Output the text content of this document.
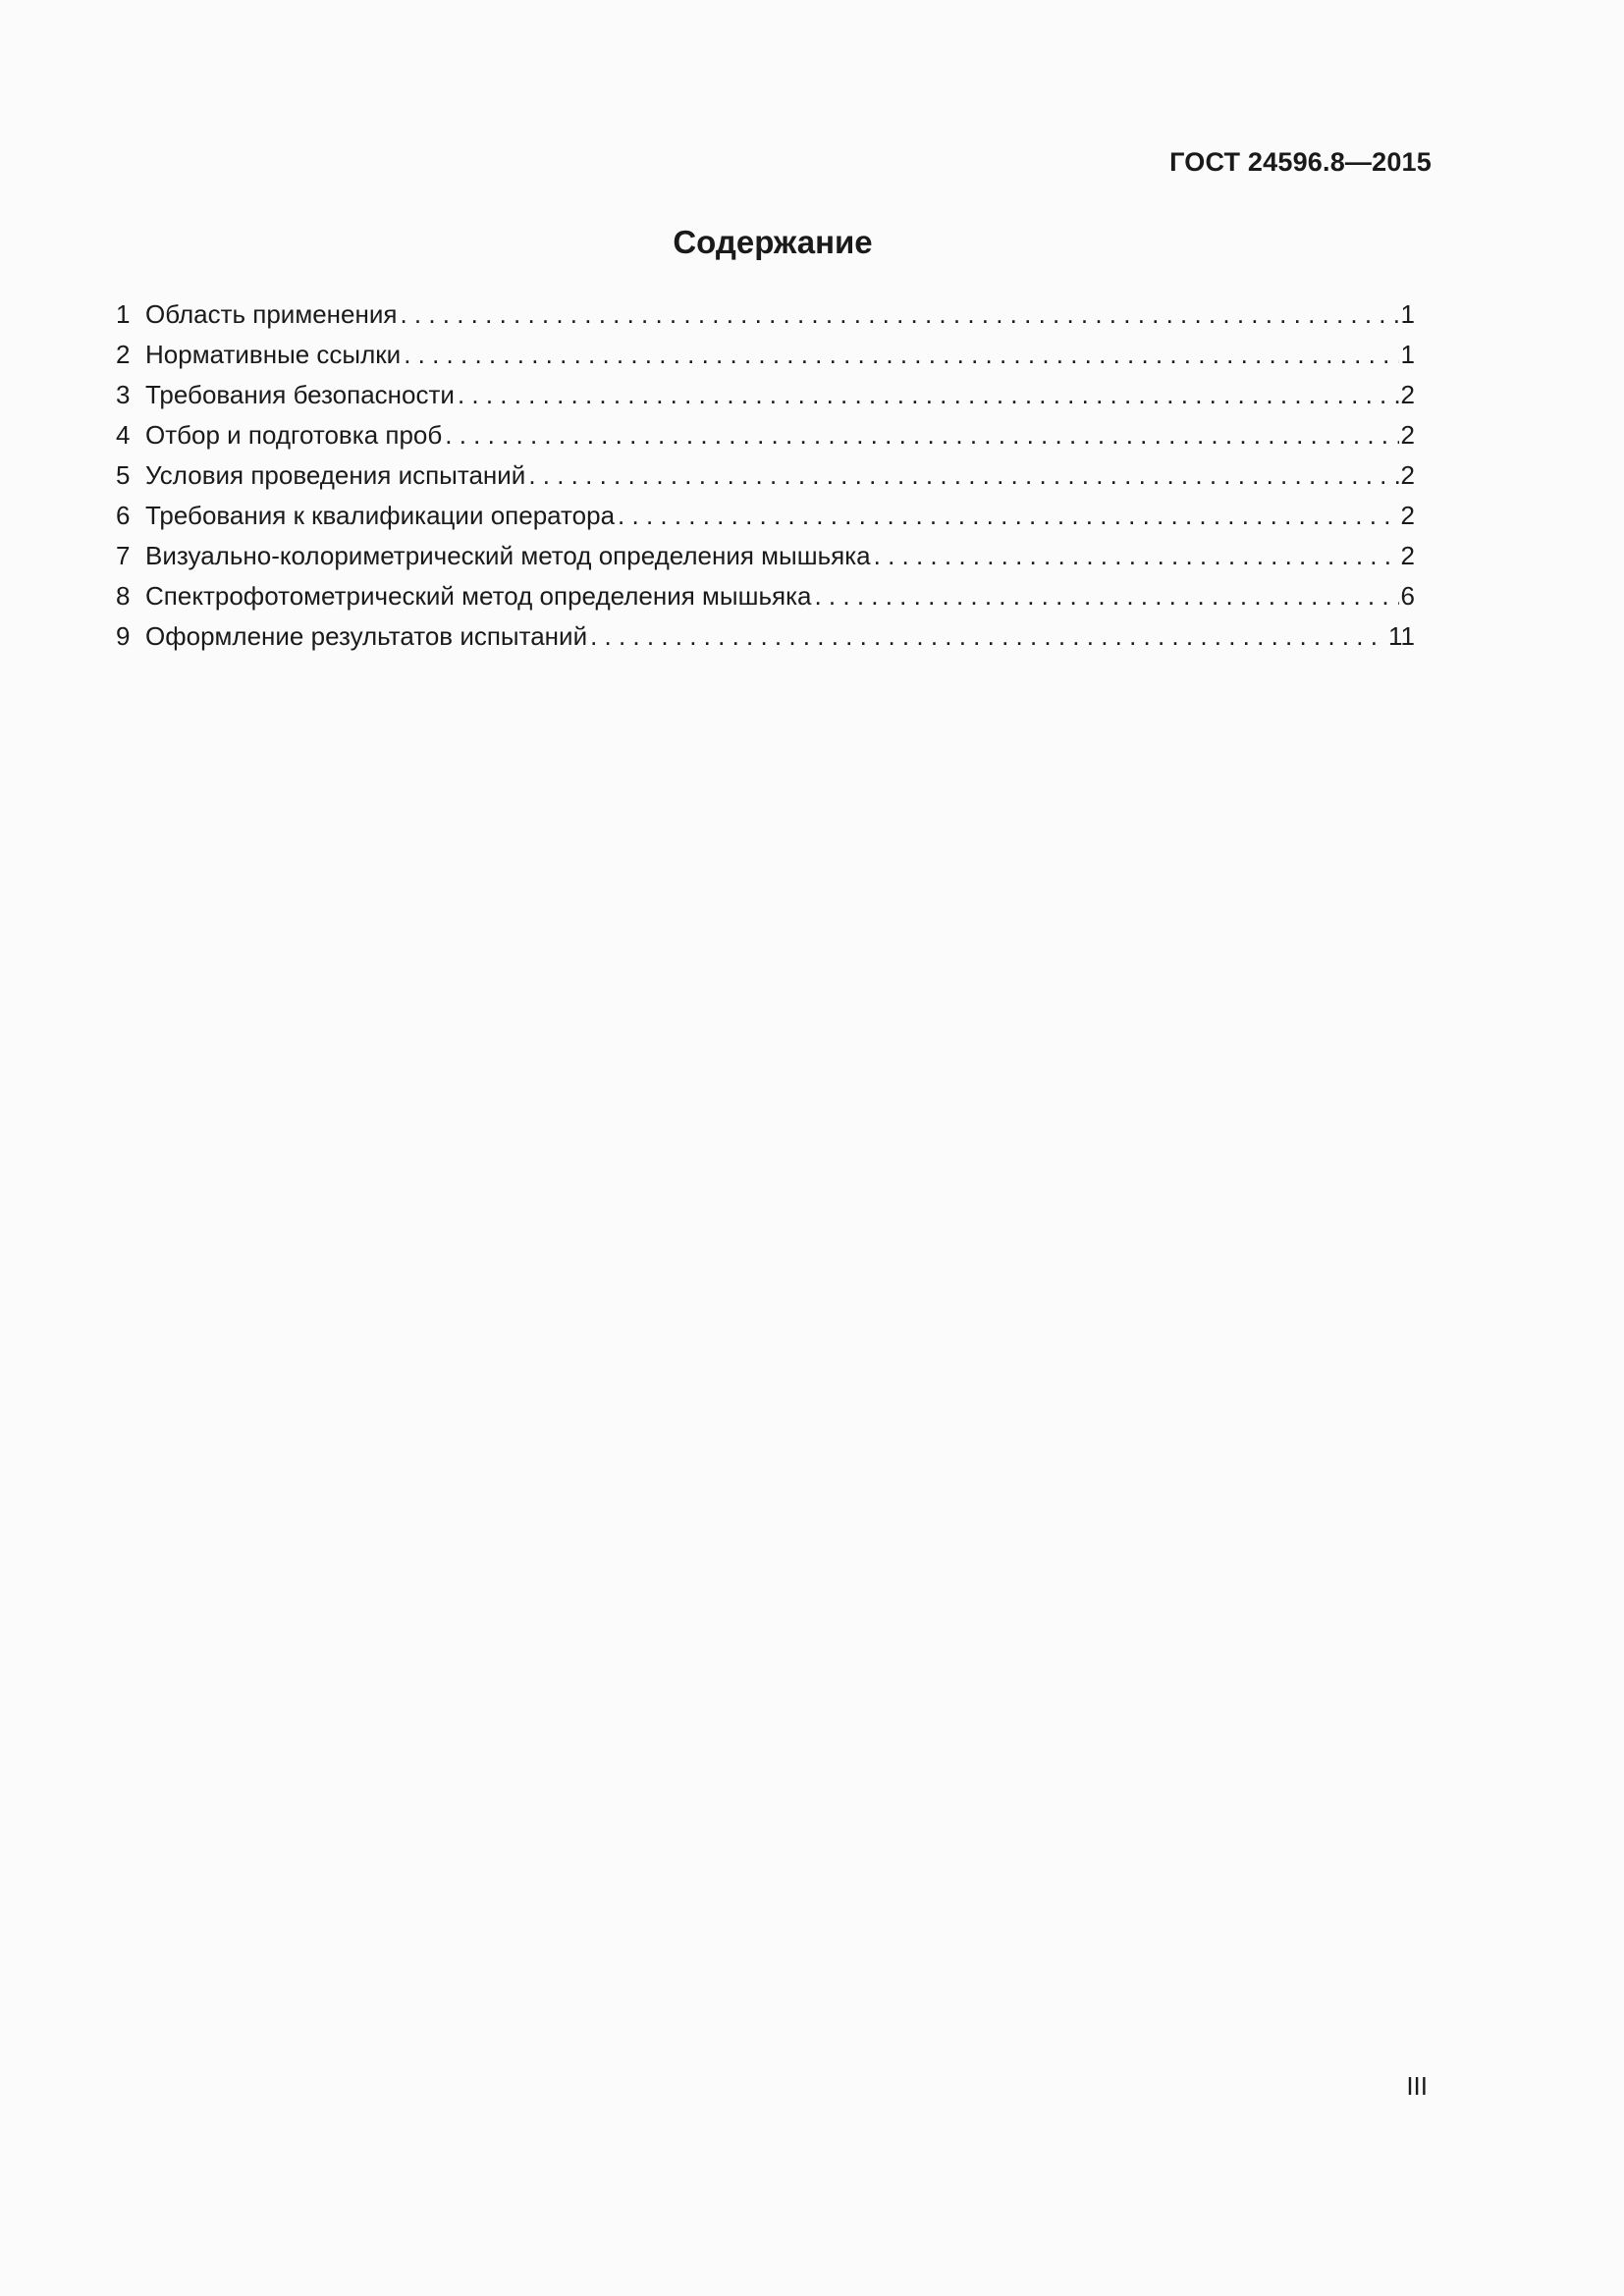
ГОСТ 24596.8—2015
Содержание
1 Область применения . . .	1
2 Нормативные ссылки . . .	1
3 Требования безопасности . . .	2
4 Отбор и подготовка проб . . .	2
5 Условия проведения испытаний . . .	2
6 Требования к квалификации оператора . . .	2
7 Визуально-колориметрический метод определения мышьяка . . .	2
8 Спектрофотометрический метод определения мышьяка . . .	6
9 Оформление результатов испытаний . . .	11
III
